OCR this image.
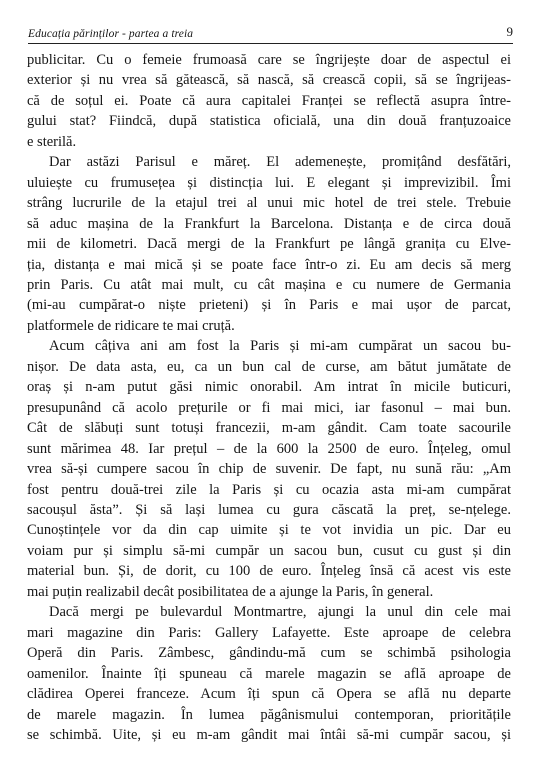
Educația părinților - partea a treia	9
publicitar. Cu o femeie frumoasă care se îngrijește doar de aspectul ei
exterior și nu vrea să gătească, să nască, să crească copii, să se îngrijeas-
că de soțul ei. Poate că aura capitalei Franței se reflectă asupra între-
gului stat? Fiindcă, după statistica oficială, una din două franțuzoaice
e sterilă.
Dar astăzi Parisul e măreț. El ademenește, promițând desfătări,
uluiește cu frumusețea și distincția lui. E elegant și imprevizibil. Îmi
strâng lucrurile de la etajul trei al unui mic hotel de trei stele. Trebuie
să aduc mașina de la Frankfurt la Barcelona. Distanța e de circa două
mii de kilometri. Dacă mergi de la Frankfurt pe lângă granița cu Elve-
ția, distanța e mai mică și se poate face într-o zi. Eu am decis să merg
prin Paris. Cu atât mai mult, cu cât mașina e cu numere de Germania
(mi-au cumpărat-o niște prieteni) și în Paris e mai ușor de parcat,
platformele de ridicare te mai cruță.
Acum câțiva ani am fost la Paris și mi-am cumpărat un sacou bu-
nișor. De data asta, eu, ca un bun cal de curse, am bătut jumătate de
oraș și n-am putut găsi nimic onorabil. Am intrat în micile buticuri,
presupunând că acolo prețurile or fi mai mici, iar fasonul – mai bun.
Cât de slăbuți sunt totuși francezii, m-am gândit. Cam toate sacourile
sunt mărimea 48. Iar prețul – de la 600 la 2500 de euro. Înțeleg, omul
vrea să-și cumpere sacou în chip de suvenir. De fapt, nu sună rău: „Am
fost pentru două-trei zile la Paris și cu ocazia asta mi-am cumpărat
sacoușul ăsta”. Și să lași lumea cu gura căscată la preț, se-nțelege.
Cunoștințele vor da din cap uimite și te vot invidia un pic. Dar eu
voiam pur și simplu să-mi cumpăr un sacou bun, cusut cu gust și din
material bun. Și, de dorit, cu 100 de euro. Înțeleg însă că acest vis este
mai puțin realizabil decât posibilitatea de a ajunge la Paris, în general.
Dacă mergi pe bulevardul Montmartre, ajungi la unul din cele mai
mari magazine din Paris: Gallery Lafayette. Este aproape de celebra
Operă din Paris. Zâmbesc, gândindu-mă cum se schimbă psihologia
oamenilor. Înainte îți spuneau că marele magazin se află aproape de
clădirea Operei franceze. Acum îți spun că Opera se află nu departe
de marele magazin. În lumea păgânismului contemporan, prioritățile
se schimbă. Uite, și eu m-am gândit mai întâi să-mi cumpăr sacou, și
